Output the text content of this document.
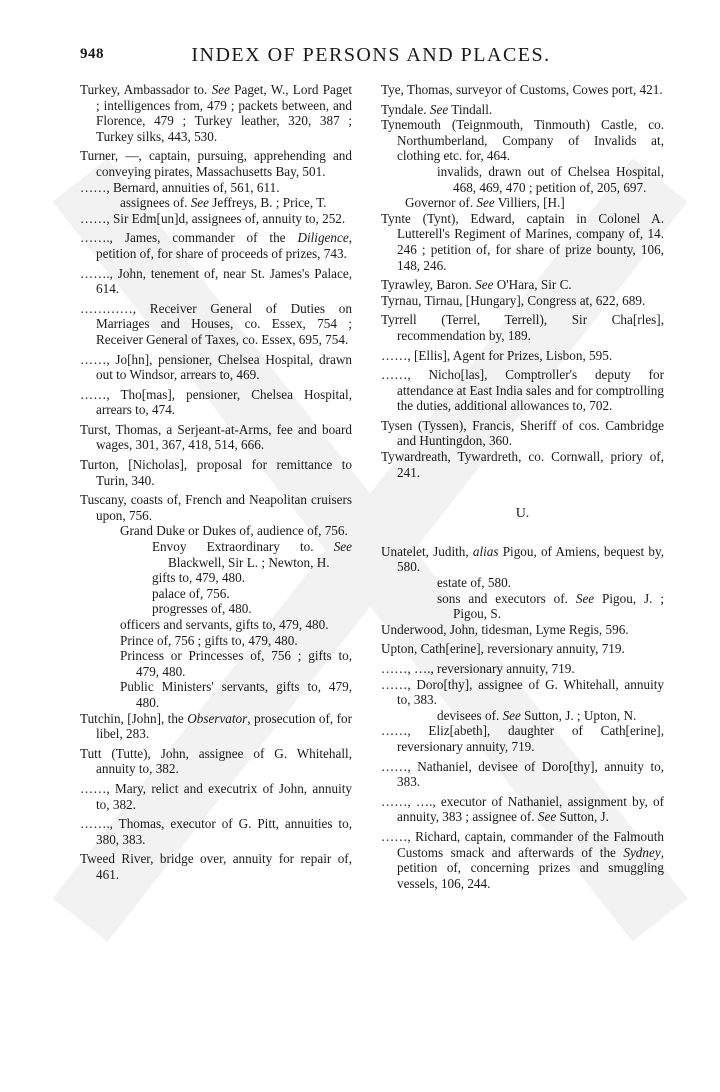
948	INDEX OF PERSONS AND PLACES.

Turkey, Ambassador to. See Paget, W., Lord Paget ; intelligences from, 479 ; packets between, and Florence, 479 ; Turkey leather, 320, 387 ; Turkey silks, 443, 530.

Turner, —, captain, pursuing, apprehending and conveying pirates, Massachusetts Bay, 501.

……, Bernard, annuities of, 561, 611.

assignees of. See Jeffreys, B. ; Price, T.

……, Sir Edm[un]d, assignees of, annuity to, 252.

……., James, commander of the Diligence, petition of, for share of proceeds of prizes, 743.

……., John, tenement of, near St. James's Palace, 614.

…………, Receiver General of Duties on Marriages and Houses, co. Essex, 754 ; Receiver General of Taxes, co. Essex, 695, 754.

……, Jo[hn], pensioner, Chelsea Hospital, drawn out to Windsor, arrears to, 469.

……, Tho[mas], pensioner, Chelsea Hospital, arrears to, 474.

Turst, Thomas, a Serjeant-at-Arms, fee and board wages, 301, 367, 418, 514, 666.

Turton, [Nicholas], proposal for remittance to Turin, 340.

Tuscany, coasts of, French and Neapolitan cruisers upon, 756.

Grand Duke or Dukes of, audience of, 756.

Envoy Extraordinary to. See Blackwell, Sir L. ; Newton, H.

gifts to, 479, 480.

palace of, 756.

progresses of, 480.

officers and servants, gifts to, 479, 480.

Prince of, 756 ; gifts to, 479, 480.

Princess or Princesses of, 756 ; gifts to, 479, 480.

Public Ministers' servants, gifts to, 479, 480.

Tutchin, [John], the Observator, prosecution of, for libel, 283.

Tutt (Tutte), John, assignee of G. Whitehall, annuity to, 382.

……, Mary, relict and executrix of John, annuity to, 382.

……., Thomas, executor of G. Pitt, annuities to, 380, 383.

Tweed River, bridge over, annuity for repair of, 461.

Tye, Thomas, surveyor of Customs, Cowes port, 421.

Tyndale. See Tindall.

Tynemouth (Teignmouth, Tinmouth) Castle, co. Northumberland, Company of Invalids at, clothing etc. for, 464.

invalids, drawn out of Chelsea Hospital, 468, 469, 470 ; petition of, 205, 697.

Governor of. See Villiers, [H.]

Tynte (Tynt), Edward, captain in Colonel A. Lutterell's Regiment of Marines, company of, 14. 246 ; petition of, for share of prize bounty, 106, 148, 246.

Tyrawley, Baron. See O'Hara, Sir C.

Tyrnau, Tirnau, [Hungary], Congress at, 622, 689.

Tyrrell (Terrel, Terrell), Sir Cha[rles], recommendation by, 189.

……, [Ellis], Agent for Prizes, Lisbon, 595.

……, Nicho[las], Comptroller's deputy for attendance at East India sales and for comptrolling the duties, additional allowances to, 702.

Tysen (Tyssen), Francis, Sheriff of cos. Cambridge and Huntingdon, 360.

Tywardreath, Tywardreth, co. Cornwall, priory of, 241.

U.

Unatelet, Judith, alias Pigou, of Amiens, bequest by, 580.

estate of, 580.

sons and executors of. See Pigou, J. ; Pigou, S.

Underwood, John, tidesman, Lyme Regis, 596.

Upton, Cath[erine], reversionary annuity, 719.

……, …., reversionary annuity, 719.

……, Doro[thy], assignee of G. Whitehall, annuity to, 383.

devisees of. See Sutton, J. ; Upton, N.

……, Eliz[abeth], daughter of Cath[erine], reversionary annuity, 719.

……, Nathaniel, devisee of Doro[thy], annuity to, 383.

……, …., executor of Nathaniel, assignment by, of annuity, 383 ; assignee of. See Sutton, J.

……, Richard, captain, commander of the Falmouth Customs smack and afterwards of the Sydney, petition of, concerning prizes and smuggling vessels, 106, 244.
